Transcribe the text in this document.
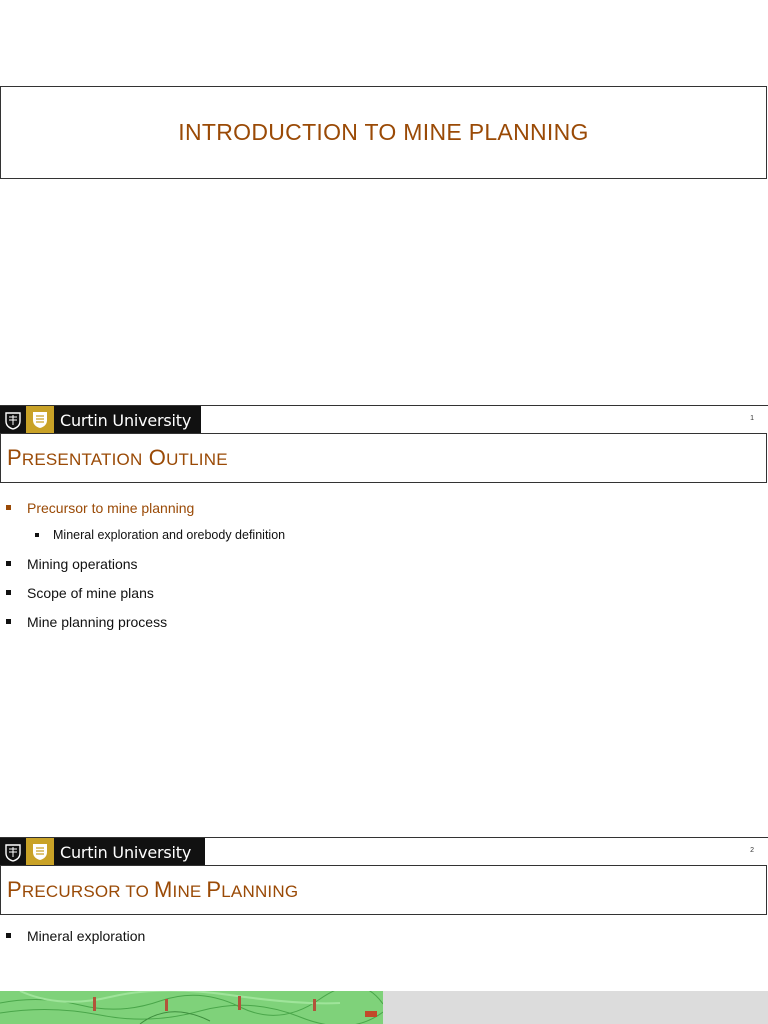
INTRODUCTION TO MINE PLANNING
Curtin University	1
PRESENTATION OUTLINE
Precursor to mine planning
Mineral exploration and orebody definition
Mining operations
Scope of mine plans
Mine planning process
Curtin University	2
PRECURSOR TO MINE PLANNING
Mineral exploration
